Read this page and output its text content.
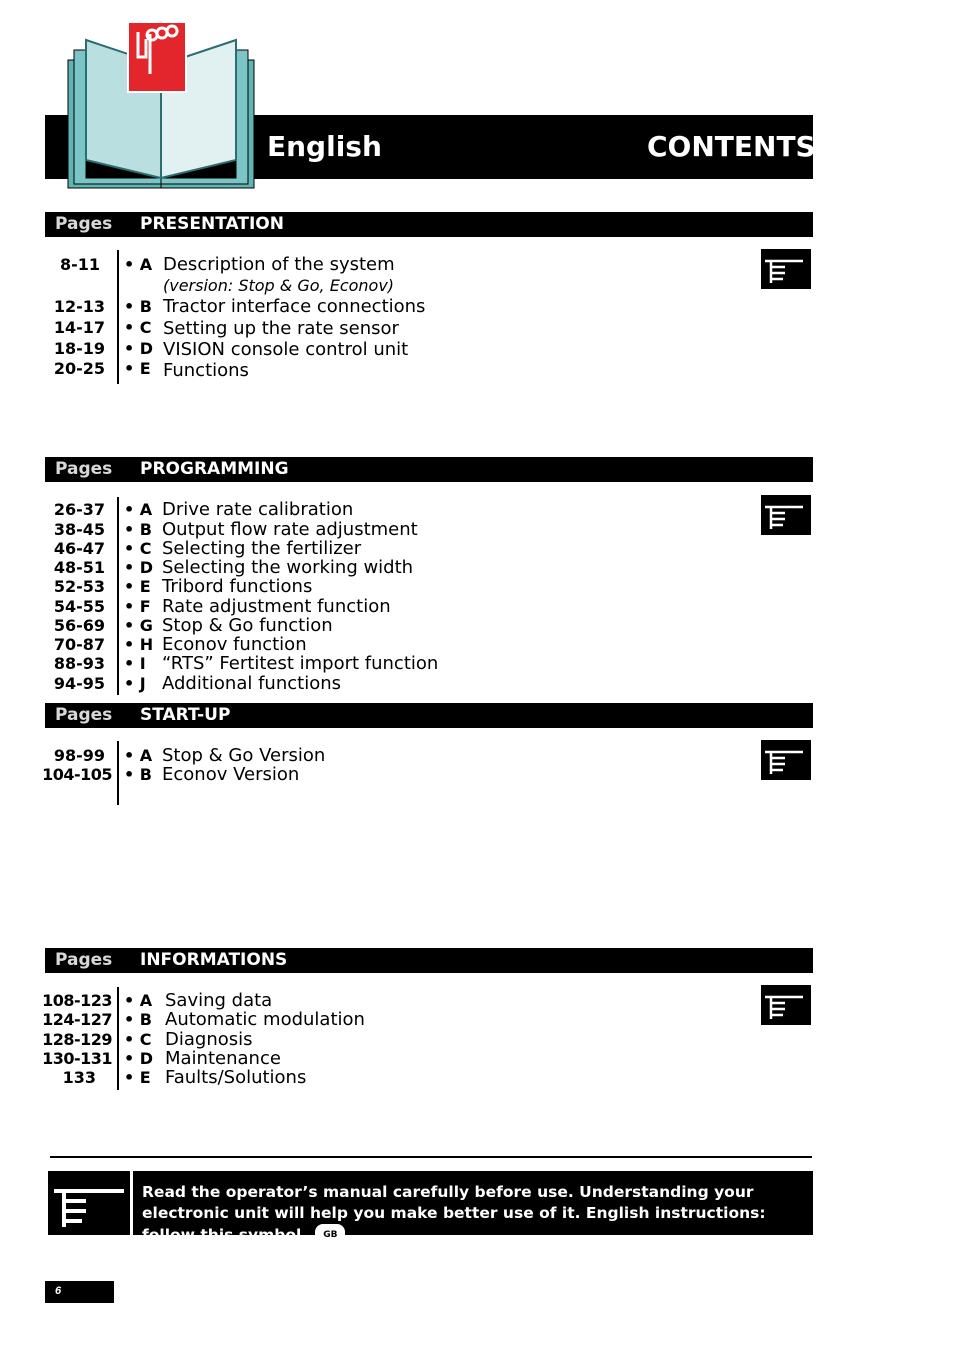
English	CONTENTS
Pages PRESENTATION
8-11 • A Description of the system
(version: Stop & Go, Econov)
12-13 • B Tractor interface connections
14-17 • C Setting up the rate sensor
18-19 • D VISION console control unit
20-25 • E Functions
Pages PROGRAMMING
26-37 • A Drive rate calibration
38-45 • B Output flow rate adjustment
46-47 • C Selecting the fertilizer
48-51 • D Selecting the working width
52-53 • E Tribord functions
54-55 • F Rate adjustment function
56-69 • G Stop & Go function
70-87 • H Econov function
88-93 • I “RTS” Fertitest import function
94-95 • J Additional functions
Pages START-UP
98-99 • A Stop & Go Version
104-105 • B Econov Version
Pages INFORMATIONS
108-123 • A Saving data
124-127 • B Automatic modulation
128-129 • C Diagnosis
130-131 • D Maintenance
133 • E Faults/Solutions
Read the operator’s manual carefully before use. Understanding your electronic unit will help you make better use of it. English instructions: follow this symbol. GB
6
